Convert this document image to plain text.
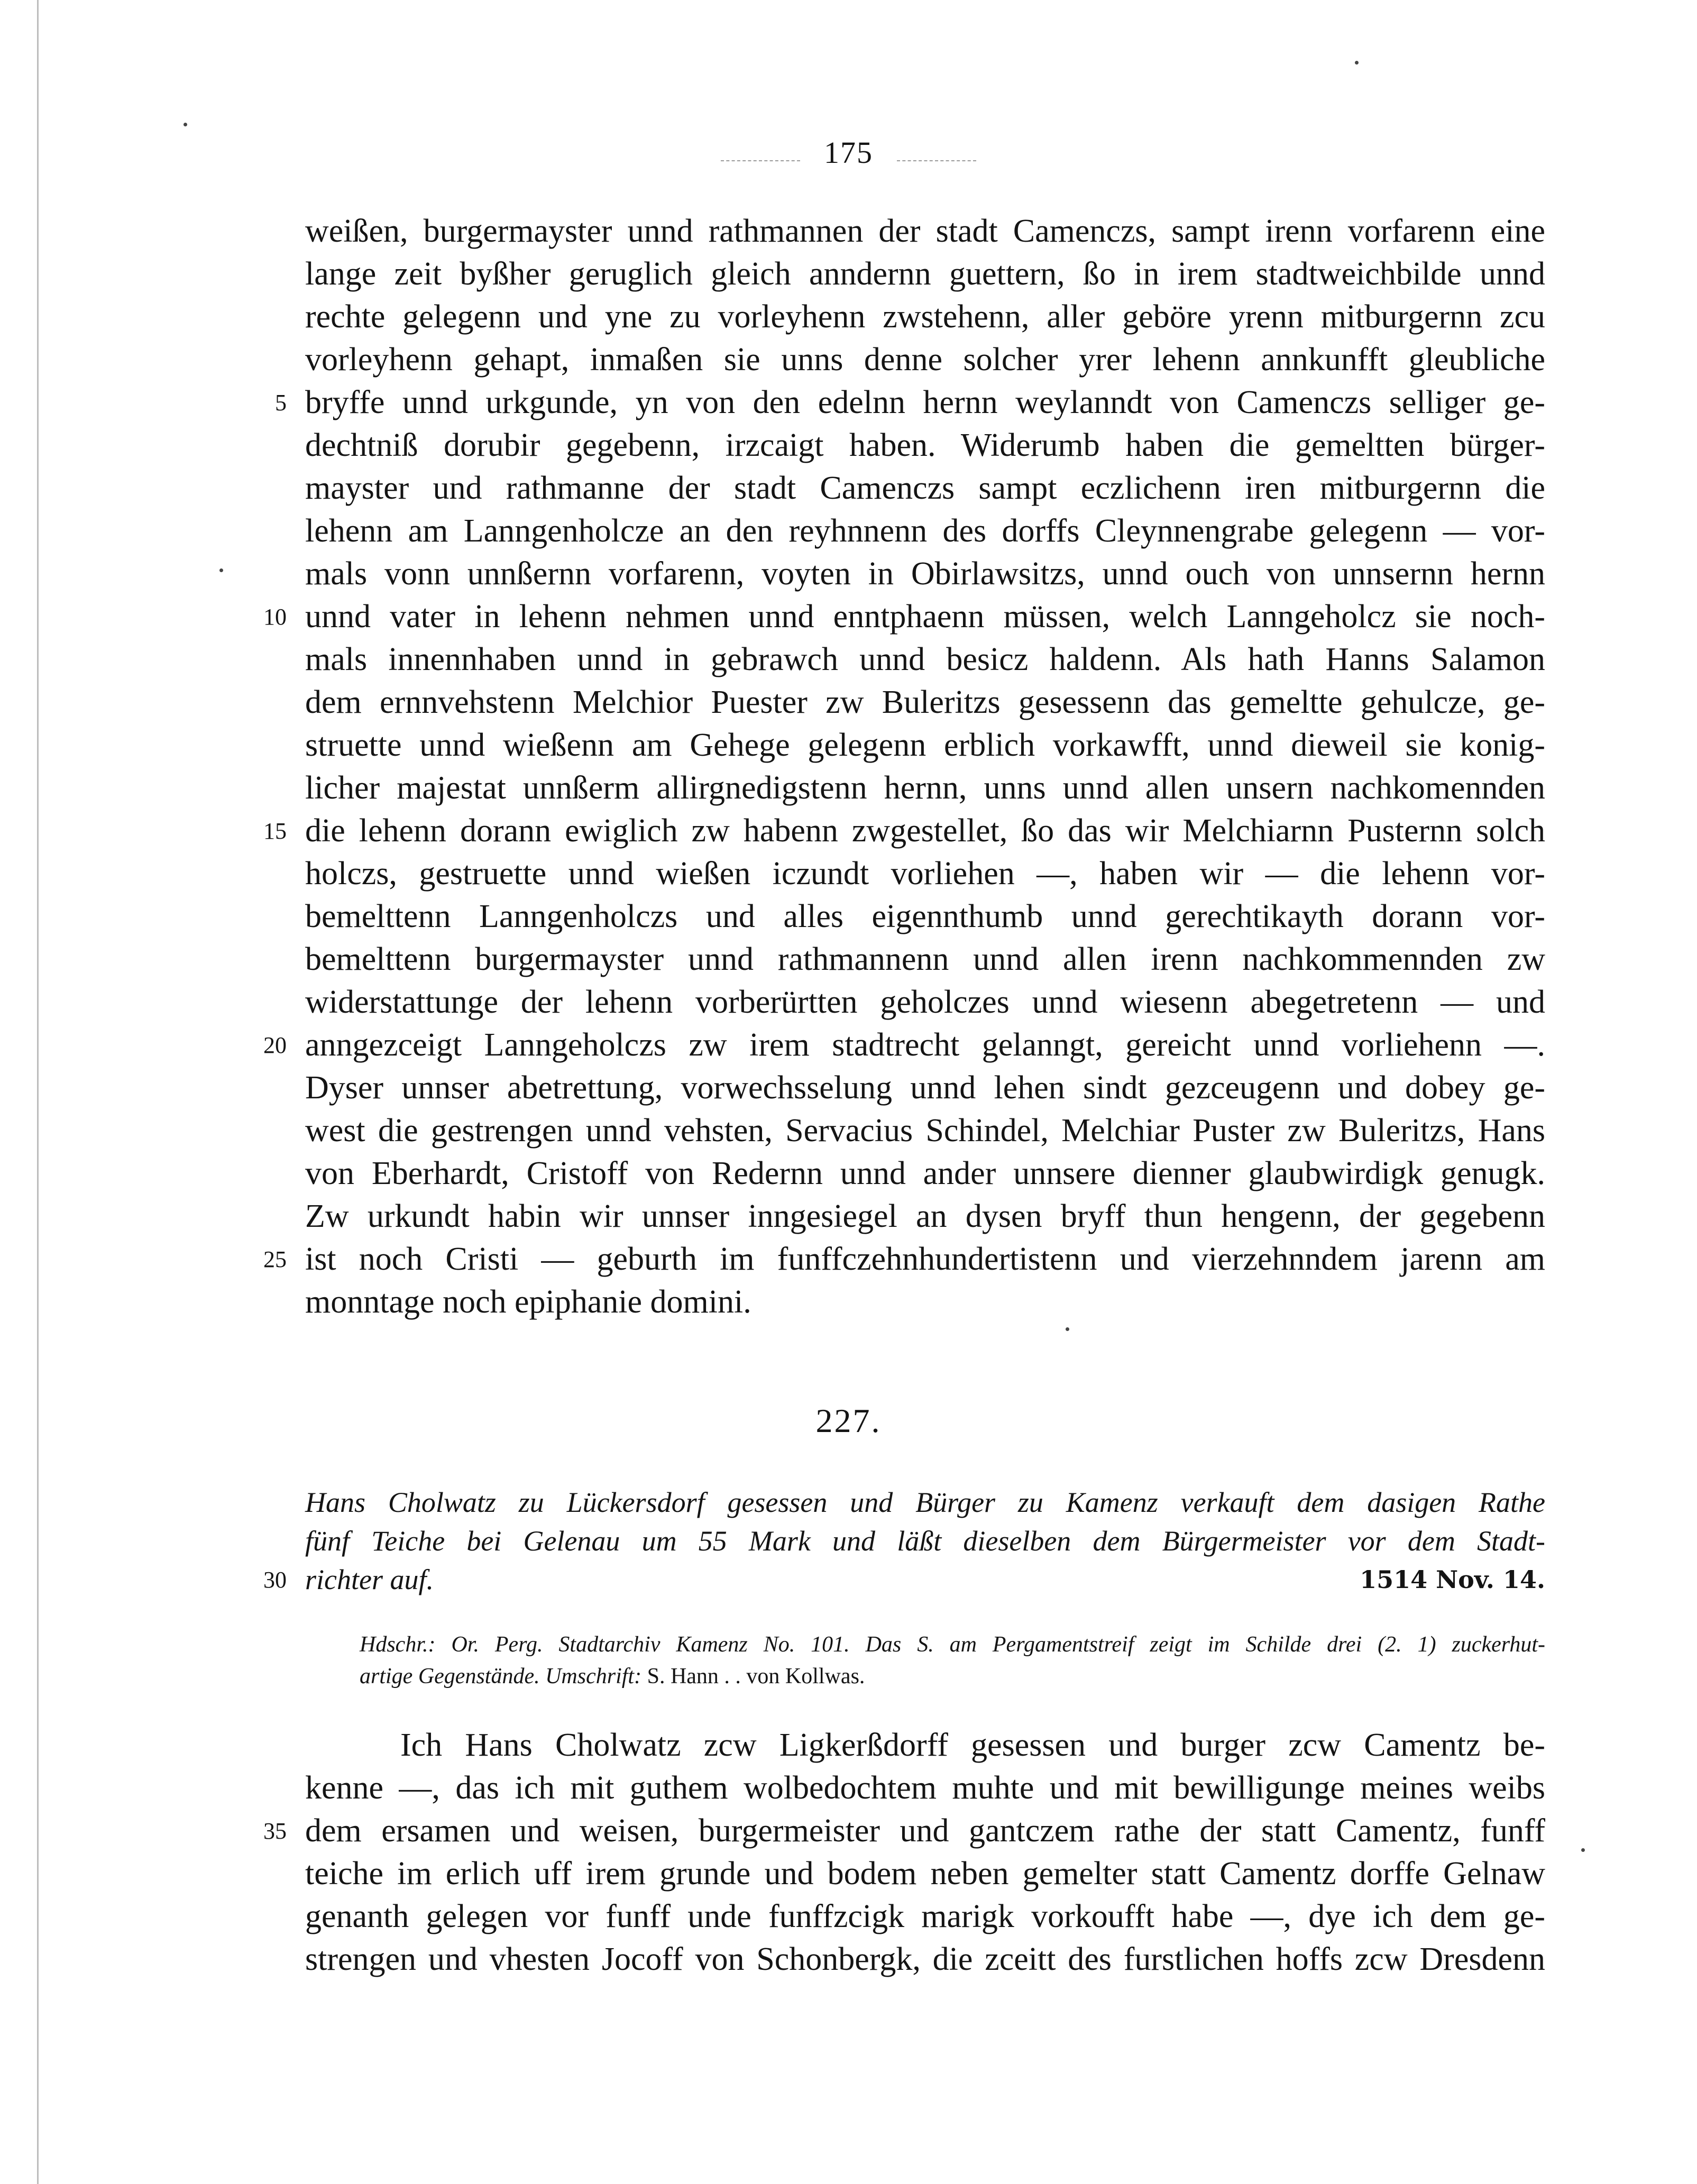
175
weißen, burgermayster unnd rathmannen der stadt Camenczs, sampt irenn vorfarenn eine
lange zeit byßher geruglich gleich anndernn guettern, ßo in irem stadtweichbilde unnd
rechte gelegenn und yne zu vorleyhenn zwstehenn, aller geböre yrenn mitburgernn zcu
vorleyhenn gehapt, inmaßen sie unns denne solcher yrer lehenn annkunfft gleubliche
5 bryffe unnd urkgunde, yn von den edelnn hernn weylanndt von Camenczs selliger ge-
dechtniß dorubir gegebenn, irzcaigt haben. Widerumb haben die gemeltten bürger-
mayster und rathmanne der stadt Camenczs sampt eczlichenn iren mitburgernn die
lehenn am Lanngenholcze an den reyhnnenn des dorffs Cleynnengrabe gelegenn — vor-
mals vonn unnßernn vorfarenn, voyten in Obirlawsitzs, unnd ouch von unnsernn hernn
10 unnd vater in lehenn nehmen unnd enntphaenn müssen, welch Lanngeholcz sie noch-
mals innennhaben unnd in gebrawch unnd besicz haldenn. Als hath Hanns Salamon
dem ernnvehstenn Melchior Puester zw Buleritzs gesessenn das gemeltte gehulcze, ge-
struette unnd wießenn am Gehege gelegenn erblich vorkawfft, unnd dieweil sie konig-
licher majestat unnßerm allirgnedigstenn hernn, unns unnd allen unsern nachkomennden
15 die lehenn dorann ewiglich zw habenn zwgestellet, ßo das wir Melchiarnn Pusternn solch
holczs, gestruette unnd wießen iczundt vorliehen —, haben wir — die lehenn vor-
bemelttenn Lanngenholczs und alles eigennthumb unnd gerechtikayth dorann vor-
bemelttenn burgermayster unnd rathmannenn unnd allen irenn nachkommennden zw
widerstattunge der lehenn vorberürtten geholczes unnd wiesenn abegetretenn — und
20 anngezceigt Lanngeholczs zw irem stadtrecht gelanngt, gereicht unnd vorliehenn —.
Dyser unnser abetrettung, vorwechsselung unnd lehen sindt gezceugenn und dobey ge-
west die gestrengen unnd vehsten, Servacius Schindel, Melchiar Puster zw Buleritzs, Hans
von Eberhardt, Cristoff von Redernn unnd ander unnsere dienner glaubwirdigk genugk.
Zw urkundt habin wir unnser inngesiegel an dysen bryff thun hengenn, der gegebenn
25 ist noch Cristi — geburth im funffczehnhundertistenn und vierzehnndem jarenn am
monntage noch epiphanie domini.
227.
Hans Cholwatz zu Lückersdorf gesessen und Bürger zu Kamenz verkauft dem dasigen Rathe
fünf Teiche bei Gelenau um 55 Mark und läßt dieselben dem Bürgermeister vor dem Stadt-
30 richter auf.	1514 Nov. 14.
Hdschr.: Or. Perg. Stadtarchiv Kamenz No. 101. Das S. am Pergamentstreif zeigt im Schilde drei (2. 1) zuckerhut-
artige Gegenstände. Umschrift: S. Hann . . von Kollwas.
Ich Hans Cholwatz zcw Ligkerßdorff gesessen und burger zcw Camentz be-
kenne —, das ich mit guthem wolbedochtem muhte und mit bewilligunge meines weibs
35 dem ersamen und weisen, burgermeister und gantczem rathe der statt Camentz, funff
teiche im erlich uff irem grunde und bodem neben gemelter statt Camentz dorffe Gelnaw
genanth gelegen vor funff unde funffzcigk marigk vorkoufft habe —, dye ich dem ge-
strengen und vhesten Jocoff von Schonbergk, die zceitt des furstlichen hoffs zcw Dresdenn
